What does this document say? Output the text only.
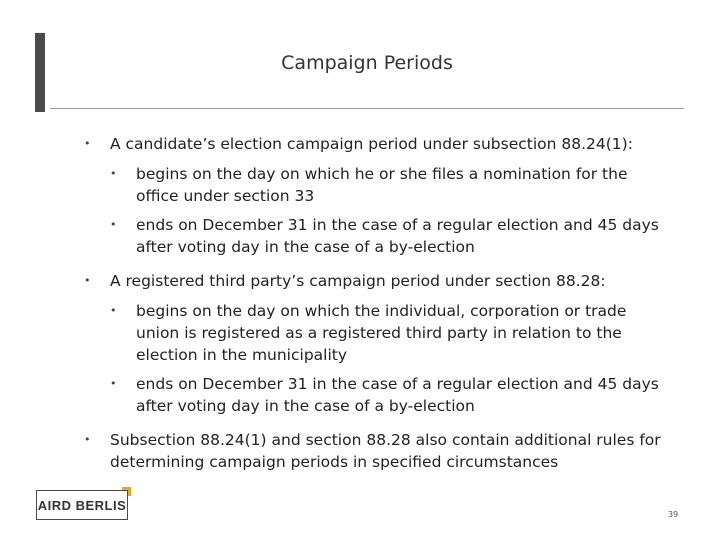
Campaign Periods
• A candidate’s election campaign period under subsection 88.24(1):
• begins on the day on which he or she files a nomination for the office under section 33
• ends on December 31 in the case of a regular election and 45 days after voting day in the case of a by-election
• A registered third party’s campaign period under section 88.28:
• begins on the day on which the individual, corporation or trade union is registered as a registered third party in relation to the election in the municipality
• ends on December 31 in the case of a regular election and 45 days after voting day in the case of a by-election
• Subsection 88.24(1) and section 88.28 also contain additional rules for determining campaign periods in specified circumstances
AIRD BERLIS
39
